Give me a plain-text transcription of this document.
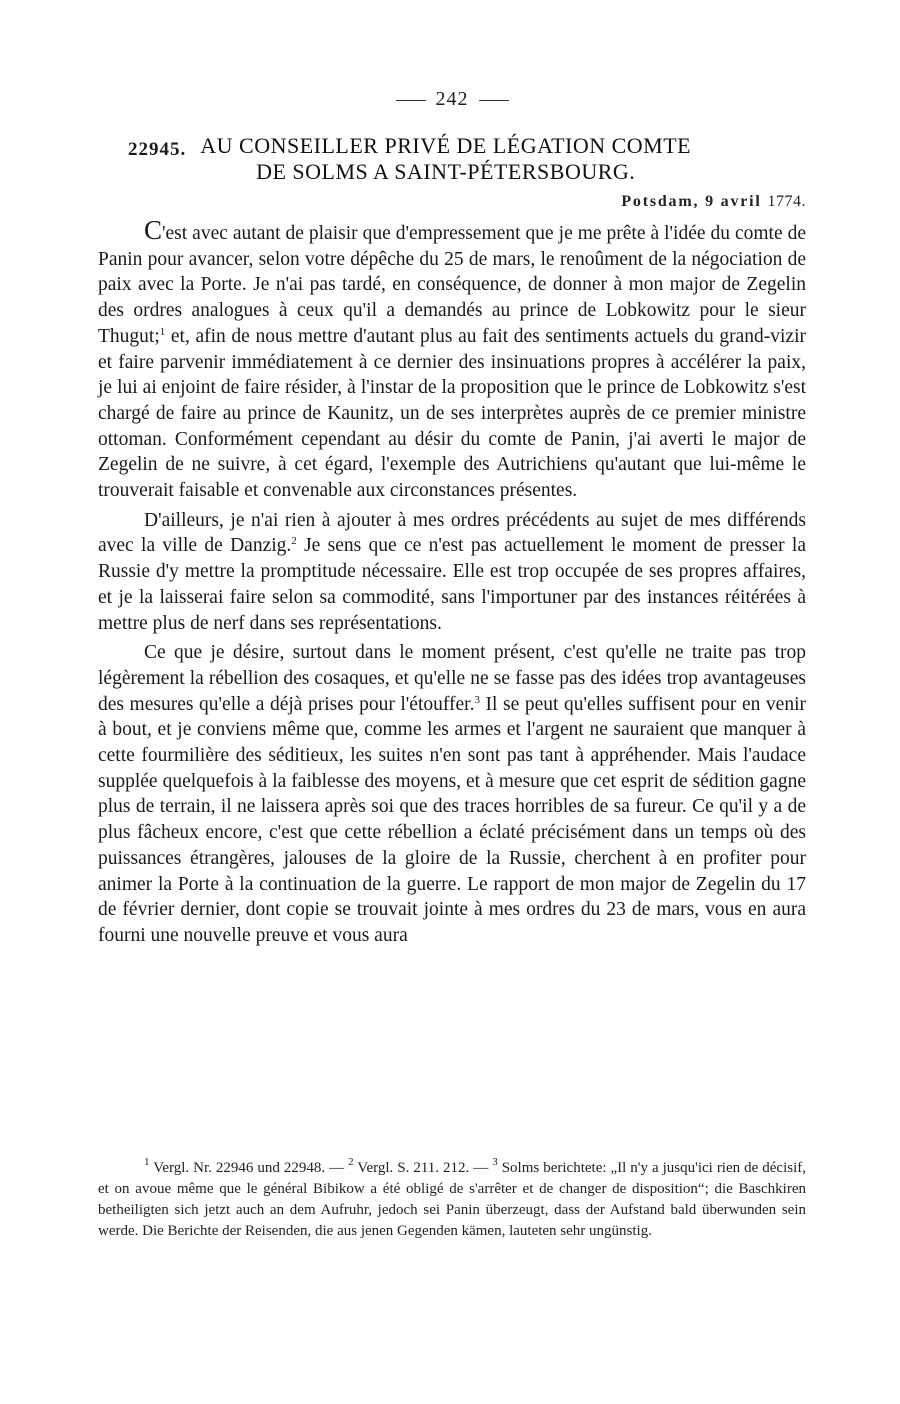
242
22945. AU CONSEILLER PRIVÉ DE LÉGATION COMTE
DE SOLMS A SAINT-PÉTERSBOURG.
Potsdam, 9 avril 1774.

C'est avec autant de plaisir que d'empressement que je me prête à l'idée du comte de Panin pour avancer, selon votre dépêche du 25 de mars, le renoûment de la négociation de paix avec la Porte. Je n'ai pas tardé, en conséquence, de donner à mon major de Zegelin des ordres analogues à ceux qu'il a demandés au prince de Lobkowitz pour le sieur Thugut;$^1$ et, afin de nous mettre d'autant plus au fait des sentiments actuels du grand-vizir et faire parvenir immédiatement à ce dernier des insinuations propres à accélérer la paix, je lui ai enjoint de faire résider, à l'instar de la proposition que le prince de Lobkowitz s'est chargé de faire au prince de Kaunitz, un de ses interprètes auprès de ce premier ministre ottoman. Conformément cependant au désir du comte de Panin, j'ai averti le major de Zegelin de ne suivre, à cet égard, l'exemple des Autrichiens qu'autant que lui-même le trouverait faisable et convenable aux circonstances présentes.

D'ailleurs, je n'ai rien à ajouter à mes ordres précédents au sujet de mes différends avec la ville de Danzig.$^2$ Je sens que ce n'est pas actuellement le moment de presser la Russie d'y mettre la promptitude nécessaire. Elle est trop occupée de ses propres affaires, et je la laisserai faire selon sa commodité, sans l'importuner par des instances réitérées à mettre plus de nerf dans ses représentations.

Ce que je désire, surtout dans le moment présent, c'est qu'elle ne traite pas trop légèrement la rébellion des cosaques, et qu'elle ne se fasse pas des idées trop avantageuses des mesures qu'elle a déjà prises pour l'étouffer.$^3$ Il se peut qu'elles suffisent pour en venir à bout, et je conviens même que, comme les armes et l'argent ne sauraient que manquer à cette fourmilière des séditieux, les suites n'en sont pas tant à appréhender. Mais l'audace supplée quelquefois à la faiblesse des moyens, et à mesure que cet esprit de sédition gagne plus de terrain, il ne laissera après soi que des traces horribles de sa fureur. Ce qu'il y a de plus fâcheux encore, c'est que cette rébellion a éclaté précisément dans un temps où des puissances étrangères, jalouses de la gloire de la Russie, cherchent à en profiter pour animer la Porte à la continuation de la guerre. Le rapport de mon major de Zegelin du 17 de février dernier, dont copie se trouvait jointe à mes ordres du 23 de mars, vous en aura fourni une nouvelle preuve et vous aura

$^1$ Vergl. Nr. 22946 und 22948. — $^2$ Vergl. S. 211. 212. — $^3$ Solms berichtete: „Il n'y a jusqu'ici rien de décisif, et on avoue même que le général Bibikow a été obligé de s'arrêter et de changer de disposition“; die Baschkiren betheiligten sich jetzt auch an dem Aufruhr, jedoch sei Panin überzeugt, dass der Aufstand bald überwunden sein werde. Die Berichte der Reisenden, die aus jenen Gegenden kämen, lauteten sehr ungünstig.
